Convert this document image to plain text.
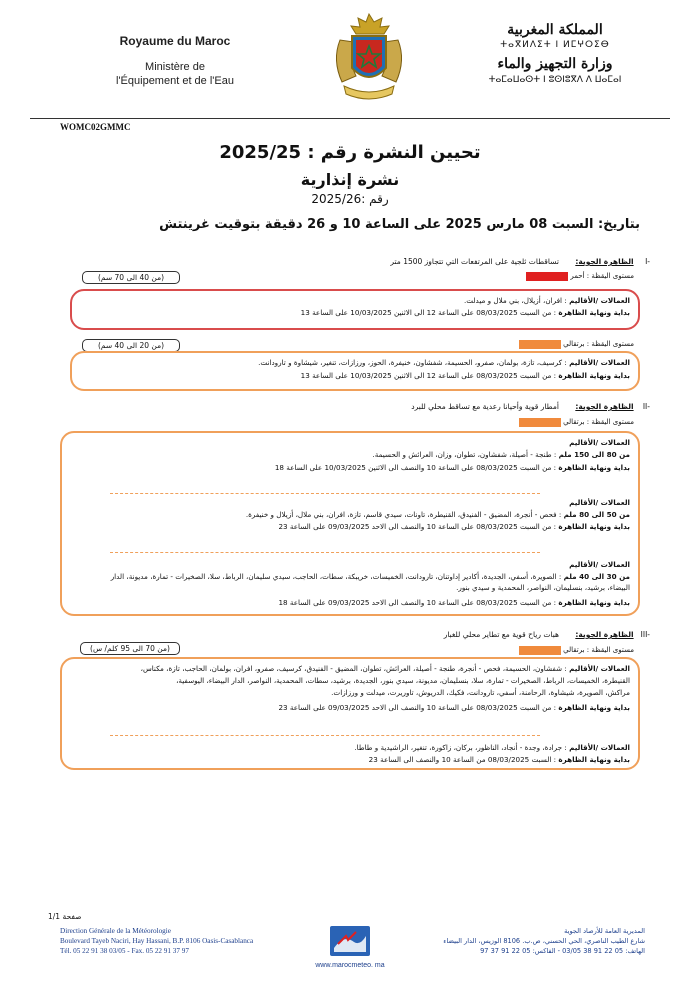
Royaume du Maroc
Ministère de
l'Équipement et de l'Eau
المملكة المغربية
ⵜⴰⴳⵍⴷⵉⵜ ⵏ ⵍⵎⵖⵔⵉⴱ
وزارة التجهيز والماء
ⵜⴰⵎⴰⵡⴰⵙⵜ ⵏ ⵓⵙⵏⵓⴳⴷ ⴷ ⵡⴰⵎⴰⵏ
WOMC02GMMC
تحيين النشرة رقم : 2025/25
نشرة إنذارية
رقم :2025/26
بتاريخ: السبت 08 مارس 2025 على الساعة 10 و 26 دقيقة بتوقيت غرينتش
-I الظاهرة الجوية: تساقطات ثلجية على المرتفعات التي تتجاوز 1500 متر
مستوى اليقظة : أحمر
(من 40 الى 70 سم)
العمالات /الأقاليم : افران، أزيلال، بني ملال و ميدلت.
بداية ونهاية الظاهرة : من السبت 08/03/2025 على الساعة 12 الى الاثنين 10/03/2025 على الساعة 13
مستوى اليقظة : برتقالي
(من 20 الى 40 سم)
العمالات /الأقاليم : كرسيف، تازة، بولمان، صفرو، الحسيمة، شفشاون، خنيفرة، الحوز، ورزازات، تنغير، شيشاوة و تارودانت.
بداية ونهاية الظاهرة : من السبت 08/03/2025 على الساعة 12 الى الاثنين 10/03/2025 على الساعة 13
-II الظاهرة الجوية: أمطار قوية وأحيانا رعدية مع تساقط محلي للبرد
مستوى اليقظة : برتقالي
العمالات /الأقاليم
من 80 الى 150 ملم : طنجة - أصيلة، شفشاون، تطوان، وزان، العرائش و الحسيمة.
بداية ونهاية الظاهرة : من السبت 08/03/2025 على الساعة 10 والنصف الى الاثنين 10/03/2025 على الساعة 18
العمالات /الأقاليم
من 50 الى 80 ملم : فحص - أنجرة، المضيق - الفنيدق، القنيطرة، تاونات، سيدي قاسم، تازة، افران، بني ملال، أزيلال و خنيفرة.
بداية ونهاية الظاهرة : من السبت 08/03/2025 على الساعة 10 والنصف الى الاحد 09/03/2025 على الساعة 23
العمالات /الأقاليم
من 30 الى 40 ملم : الصويرة، أسفي، الجديدة، أكادير إداوتنان، تارودانت، الخميسات، خريبكة، سطات، الحاجب، سيدي سليمان، الرباط، سلا، الصخيرات - تمارة، مديونة، الدار
البيضاء، برشيد، بنسليمان، النواصر، المحمدية و سيدي بنور.
بداية ونهاية الظاهرة : من السبت 08/03/2025 على الساعة 10 والنصف الى الاحد 09/03/2025 على الساعة 18
-III الظاهرة الجوية: هبات رياح قوية مع تطاير محلي للغبار
مستوى اليقظة : برتقالي
(من 70 الى 95 كلم/ س)
العمالات /الأقاليم : شفشاون، الحسيمة، فحص - أنجرة، طنجة - أصيلة، العرائش، تطوان، المضيق - الفنيدق، كرسيف، صفرو، افران، بولمان، الحاجب، تازة، مكناس،
القنيطرة، الخميسات، الرباط، الصخيرات - تمارة، سلا، بنسليمان، مديونة، سيدي بنور، الجديدة، برشيد، سطات، المحمدية، النواصر، الدار البيضاء، اليوسفية،
مراكش، الصويرة، شيشاوة، الرحامنة، أسفي، تارودانت، فكيك، الدريوش، تاوريرت، ميدلت و ورزازات.
بداية ونهاية الظاهرة : من السبت 08/03/2025 على الساعة 10 والنصف الى الاحد 09/03/2025 على الساعة 23
العمالات /الأقاليم : جرادة، وجدة - أنجاد، الناظور، بركان، زاكورة، تنغير، الراشيدية و طاطا.
بداية ونهاية الظاهرة : السبت 08/03/2025 من الساعة 10 والنصف الى الساعة 23
صفحة 1/1
Direction Générale de la Météorologie
Boulevard Tayeb Naciri, Hay Hassani, B.P. 8106 Oasis-Casablanca
Tél. 05 22 91 38 03/05 - Fax. 05 22 91 37 97
www.marocmeteo. ma
المديرية العامة للأرصاد الجوية
شارع الطيب الناصري، الحي الحسني، ص.ب. 8106 الوزيس، الدار البيضاء
الهاتف: 05 22 91 38 03/05 - الفاكس: 05 22 91 37 97
